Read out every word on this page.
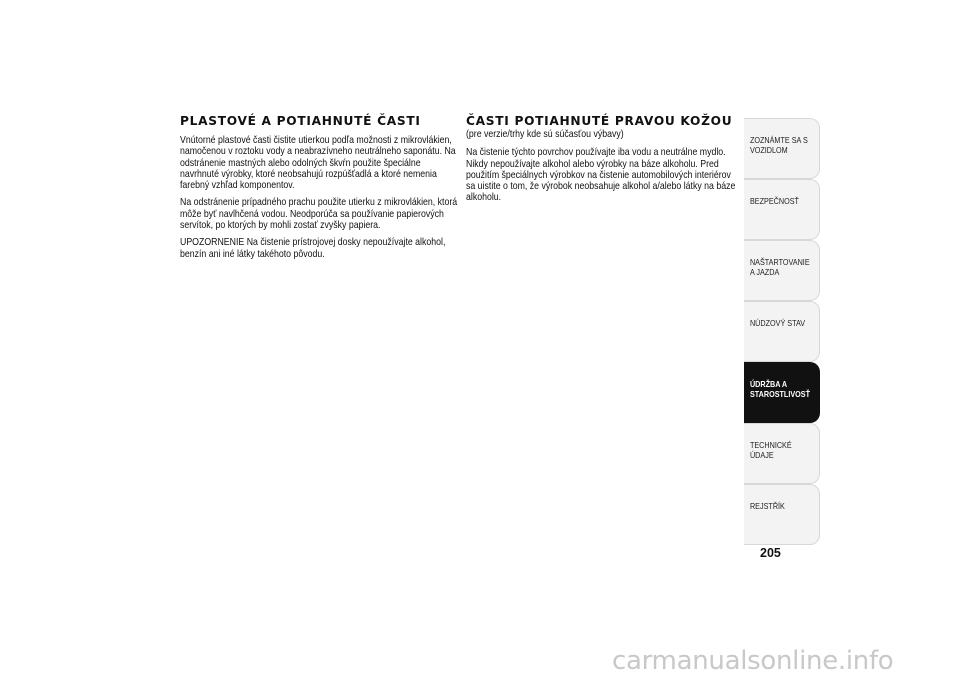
PLASTOVÉ A POTIAHNUTÉ ČASTI

Vnútorné plastové časti čistite utierkou podľa možnosti z mikrovlákien, namočenou v roztoku vody a neabrazívneho neutrálneho saponátu. Na odstránenie mastných alebo odolných škvŕn použite špeciálne navrhnuté výrobky, ktoré neobsahujú rozpúšťadlá a ktoré nemenia farebný vzhľad komponentov.

Na odstránenie prípadného prachu použite utierku z mikrovlákien, ktorá môže byť navlhčená vodou. Neodporúča sa používanie papierových servítok, po ktorých by mohli zostať zvyšky papiera.

UPOZORNENIE Na čistenie prístrojovej dosky nepoužívajte alkohol, benzín ani iné látky takéhoto pôvodu.

ČASTI POTIAHNUTÉ PRAVOU KOŽOU

(pre verzie/trhy kde sú súčasťou výbavy)

Na čistenie týchto povrchov používajte iba vodu a neutrálne mydlo. Nikdy nepoužívajte alkohol alebo výrobky na báze alkoholu. Pred použitím špeciálnych výrobkov na čistenie automobilových interiérov sa uistite o tom, že výrobok neobsahuje alkohol a/alebo látky na báze alkoholu.

ZOZNÁMTE SA S VOZIDLOM
BEZPEČNOSŤ
NAŠTARTOVANIE A JAZDA
NÚDZOVÝ STAV
ÚDRŽBA A STAROSTLIVOSŤ
TECHNICKÉ ÚDAJE
REJSTŘÍK
205
carmanualsonline.info
